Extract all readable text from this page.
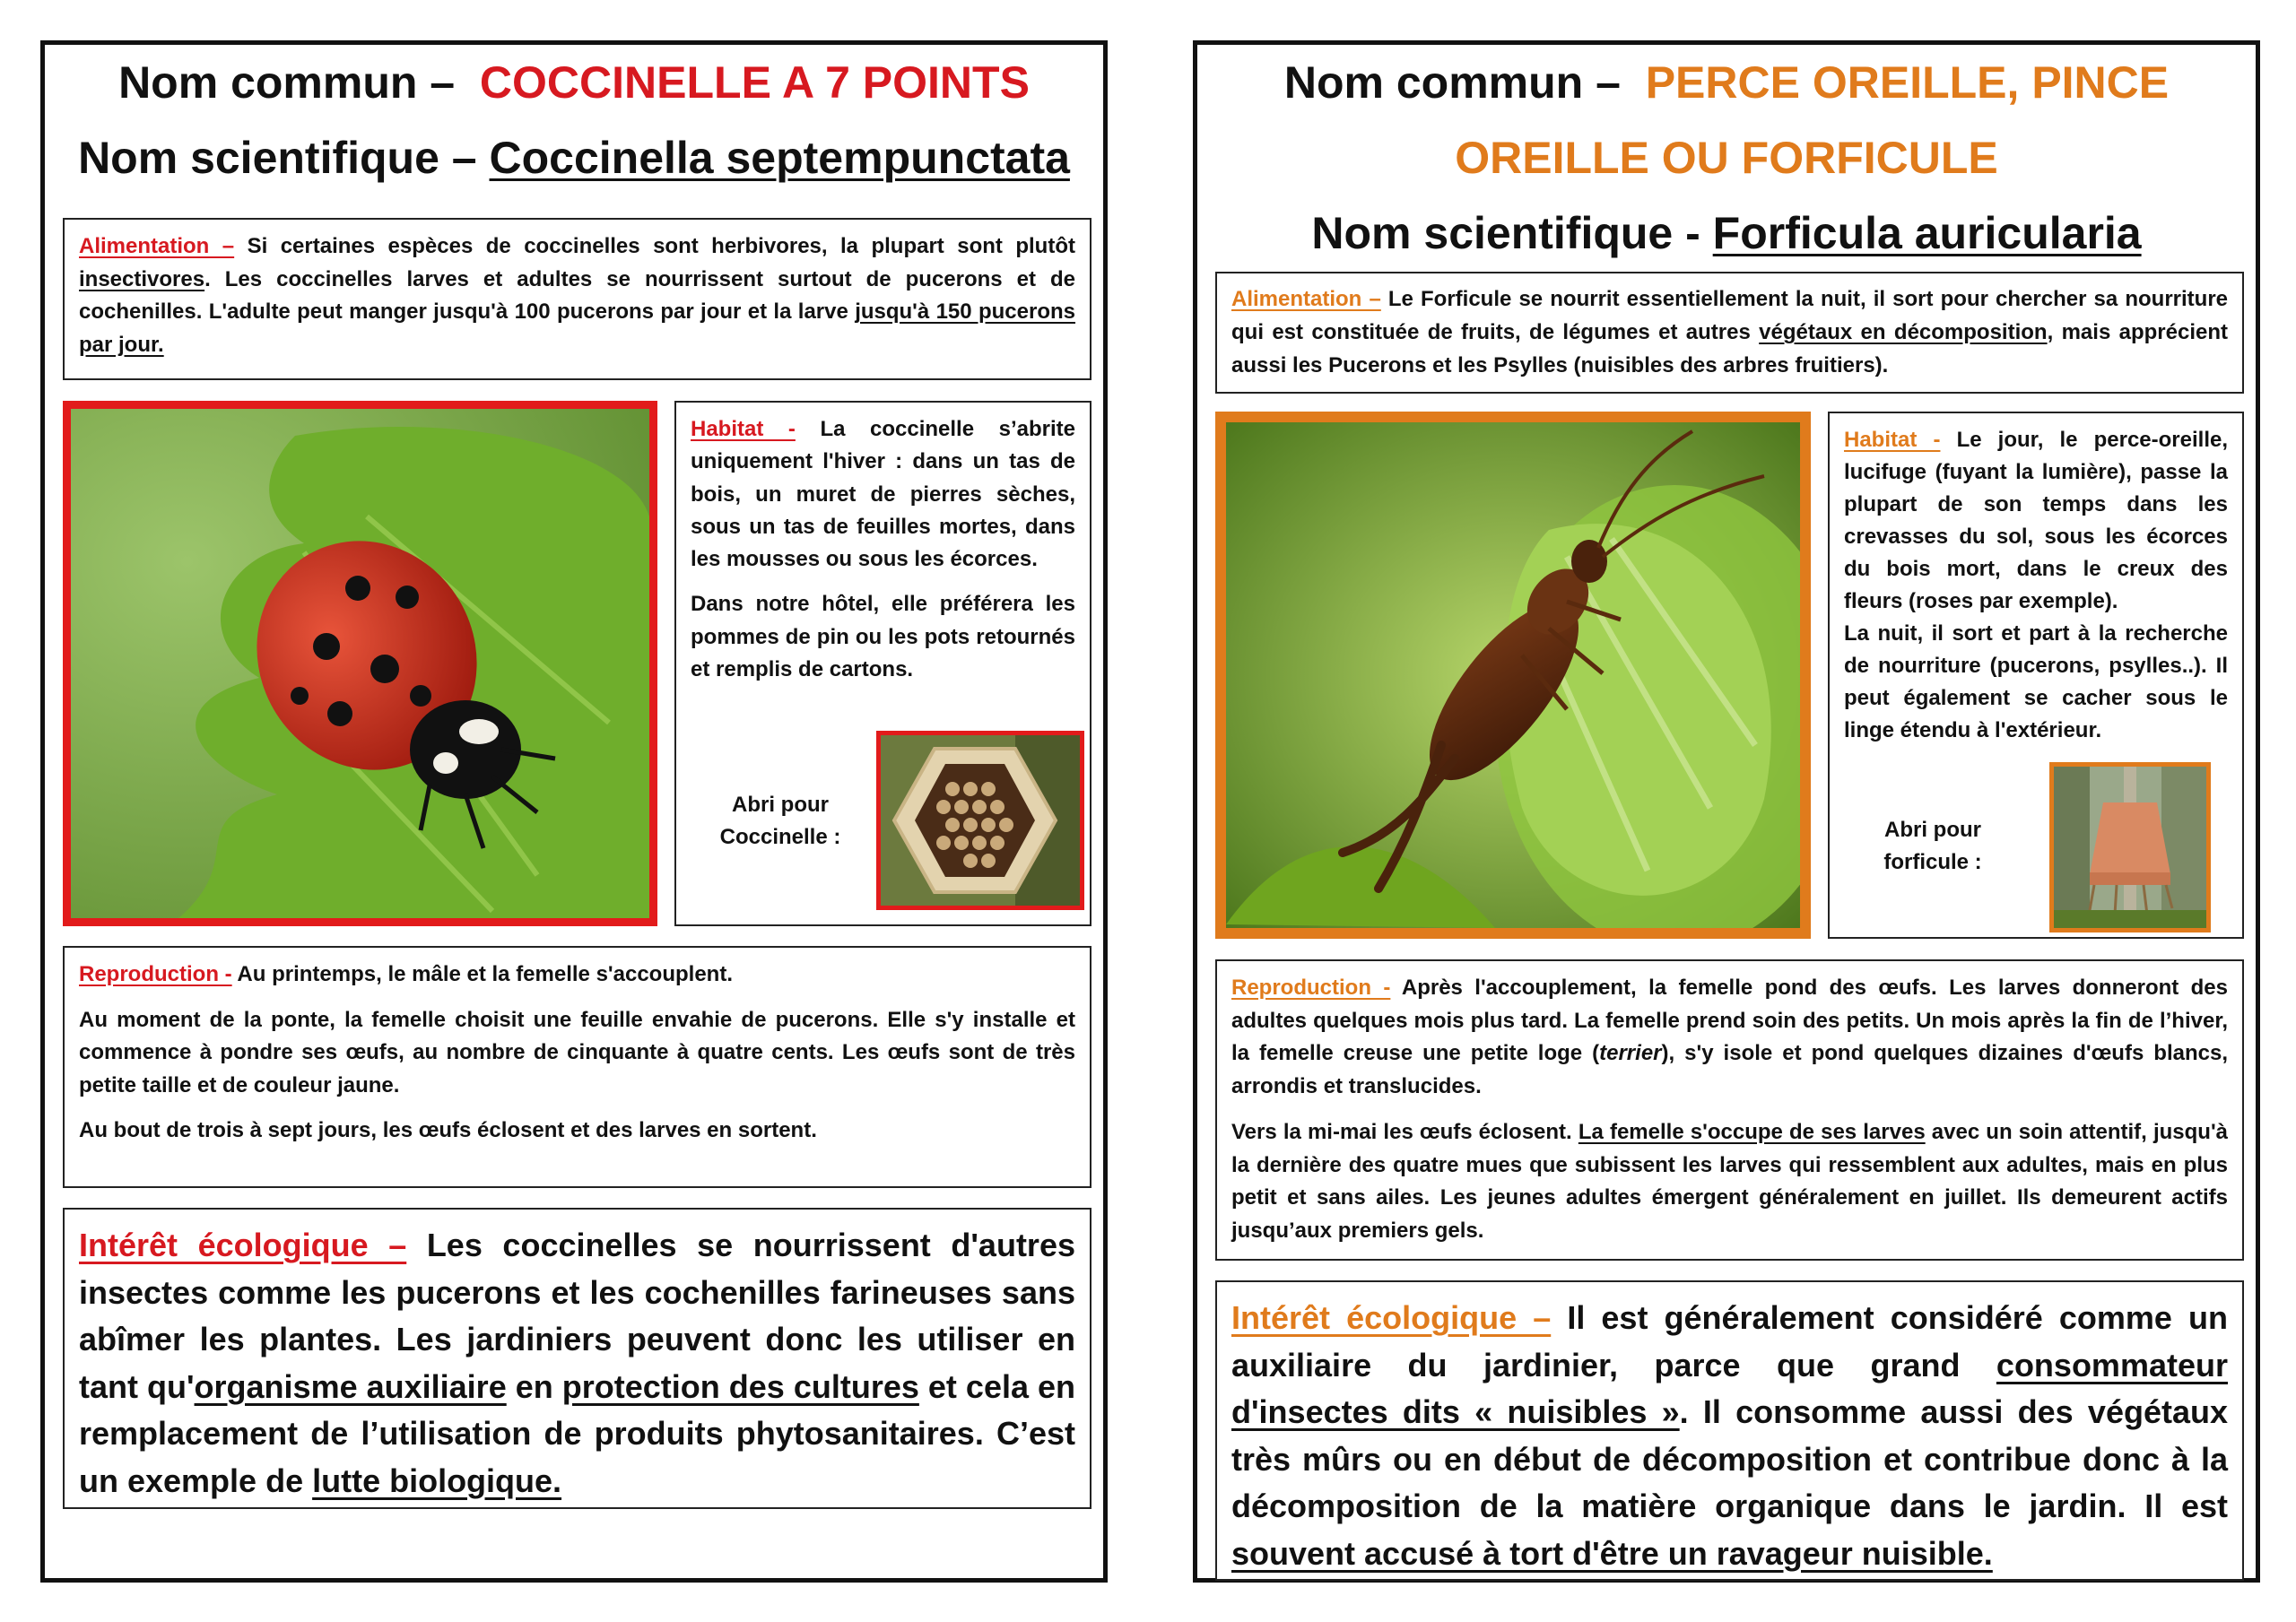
Nom commun – COCCINELLE A 7 POINTS
Nom scientifique – Coccinella septempunctata

Alimentation – Si certaines espèces de coccinelles sont herbivores, la plupart sont plutôt insectivores. Les coccinelles larves et adultes se nourrissent surtout de pucerons et de cochenilles. L'adulte peut manger jusqu'à 100 pucerons par jour et la larve jusqu'à 150 pucerons par jour.

Habitat - La coccinelle s’abrite uniquement l'hiver : dans un tas de bois, un muret de pierres sèches, sous un tas de feuilles mortes, dans les mousses ou sous les écorces.

Dans notre hôtel, elle préférera les pommes de pin ou les pots retournés et remplis de cartons.

Abri pour
Coccinelle :

Reproduction - Au printemps, le mâle et la femelle s'accouplent.

Au moment de la ponte, la femelle choisit une feuille envahie de pucerons. Elle s'y installe et commence à pondre ses œufs, au nombre de cinquante à quatre cents. Les œufs sont de très petite taille et de couleur jaune.

Au bout de trois à sept jours, les œufs éclosent et des larves en sortent.

Intérêt écologique – Les coccinelles se nourrissent d'autres insectes comme les pucerons et les cochenilles farineuses sans abîmer les plantes. Les jardiniers peuvent donc les utiliser en tant qu'organisme auxiliaire en protection des cultures et cela en remplacement de l’utilisation de produits phytosanitaires. C’est un exemple de lutte biologique.

Nom commun – PERCE OREILLE, PINCE
OREILLE OU FORFICULE
Nom scientifique - Forficula auricularia

Alimentation – Le Forficule se nourrit essentiellement la nuit, il sort pour chercher sa nourriture qui est constituée de fruits, de légumes et autres végétaux en décomposition, mais apprécient aussi les Pucerons et les Psylles (nuisibles des arbres fruitiers).

Habitat - Le jour, le perce-oreille, lucifuge (fuyant la lumière), passe la plupart de son temps dans les crevasses du sol, sous les écorces du bois mort, dans le creux des fleurs (roses par exemple).

La nuit, il sort et part à la recherche de nourriture (pucerons, psylles..). Il peut également se cacher sous le linge étendu à l'extérieur.

Abri pour
forficule :

Reproduction - Après l'accouplement, la femelle pond des œufs. Les larves donneront des adultes quelques mois plus tard. La femelle prend soin des petits. Un mois après la fin de l’hiver, la femelle creuse une petite loge (terrier), s'y isole et pond quelques dizaines d'œufs blancs, arrondis et translucides.

Vers la mi-mai les œufs éclosent. La femelle s'occupe de ses larves avec un soin attentif, jusqu'à la dernière des quatre mues que subissent les larves qui ressemblent aux adultes, mais en plus petit et sans ailes. Les jeunes adultes émergent généralement en juillet. Ils demeurent actifs jusqu’aux premiers gels.

Intérêt écologique – Il est généralement considéré comme un auxiliaire du jardinier, parce que grand consommateur d'insectes dits « nuisibles ». Il consomme aussi des végétaux très mûrs ou en début de décomposition et contribue donc à la décomposition de la matière organique dans le jardin. Il est souvent accusé à tort d'être un ravageur nuisible.
